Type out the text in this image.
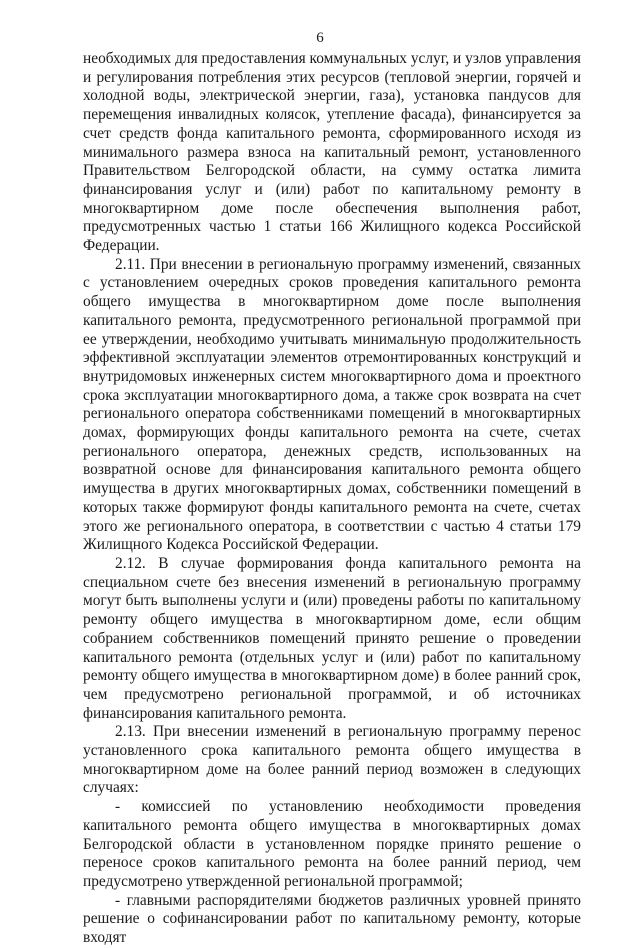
6

необходимых для предоставления коммунальных услуг, и узлов управления и регулирования потребления этих ресурсов (тепловой энергии, горячей и холодной воды, электрической энергии, газа), установка пандусов для перемещения инвалидных колясок, утепление фасада), финансируется за счет средств фонда капитального ремонта, сформированного исходя из минимального размера взноса на капитальный ремонт, установленного Правительством Белгородской области, на сумму остатка лимита финансирования услуг и (или) работ по капитальному ремонту в многоквартирном доме после обеспечения выполнения работ, предусмотренных частью 1 статьи 166 Жилищного кодекса Российской Федерации.

2.11. При внесении в региональную программу изменений, связанных с установлением очередных сроков проведения капитального ремонта общего имущества в многоквартирном доме после выполнения капитального ремонта, предусмотренного региональной программой при ее утверждении, необходимо учитывать минимальную продолжительность эффективной эксплуатации элементов отремонтированных конструкций и внутридомовых инженерных систем многоквартирного дома и проектного срока эксплуатации многоквартирного дома, а также срок возврата на счет регионального оператора собственниками помещений в многоквартирных домах, формирующих фонды капитального ремонта на счете, счетах регионального оператора, денежных средств, использованных на возвратной основе для финансирования капитального ремонта общего имущества в других многоквартирных домах, собственники помещений в которых также формируют фонды капитального ремонта на счете, счетах этого же регионального оператора, в соответствии с частью 4 статьи 179 Жилищного Кодекса Российской Федерации.

2.12. В случае формирования фонда капитального ремонта на специальном счете без внесения изменений в региональную программу могут быть выполнены услуги и (или) проведены работы по капитальному ремонту общего имущества в многоквартирном доме, если общим собранием собственников помещений принято решение о проведении капитального ремонта (отдельных услуг и (или) работ по капитальному ремонту общего имущества в многоквартирном доме) в более ранний срок, чем предусмотрено региональной программой, и об источниках финансирования капитального ремонта.

2.13. При внесении изменений в региональную программу перенос установленного срока капитального ремонта общего имущества в многоквартирном доме на более ранний период возможен в следующих случаях:

- комиссией по установлению необходимости проведения капитального ремонта общего имущества в многоквартирных домах Белгородской области в установленном порядке принято решение о переносе сроков капитального ремонта на более ранний период, чем предусмотрено утвержденной региональной программой;

- главными распорядителями бюджетов различных уровней принято решение о софинансировании работ по капитальному ремонту, которые входят
